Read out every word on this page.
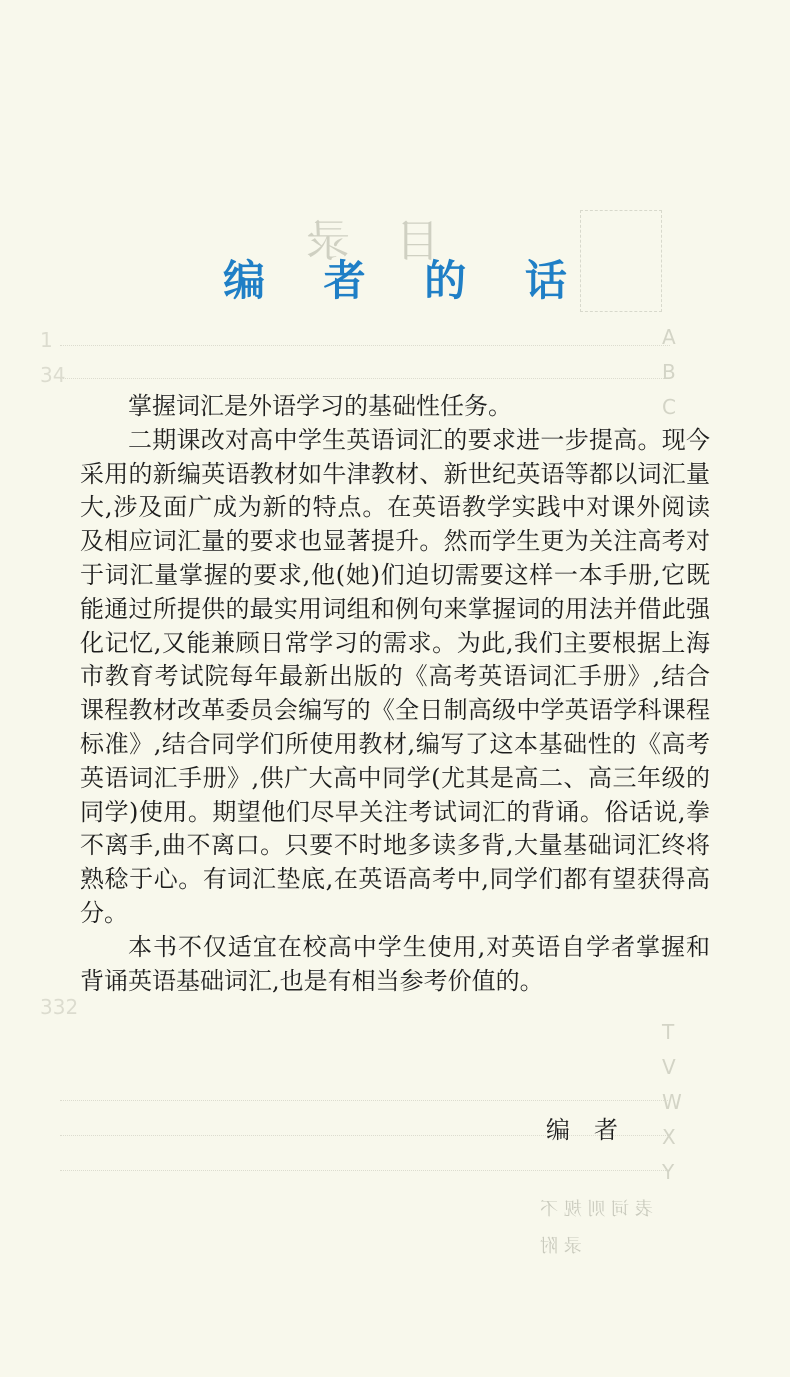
目 录
A
B
C
T
V
W
X
Y
1
34
332
表 词 则 规 不
录 附
编 者 的 话

掌握词汇是外语学习的基础性任务。

二期课改对高中学生英语词汇的要求进一步提高。现今采用的新编英语教材如牛津教材、新世纪英语等都以词汇量大,涉及面广成为新的特点。在英语教学实践中对课外阅读及相应词汇量的要求也显著提升。然而学生更为关注高考对于词汇量掌握的要求,他(她)们迫切需要这样一本手册,它既能通过所提供的最实用词组和例句来掌握词的用法并借此强化记忆,又能兼顾日常学习的需求。为此,我们主要根据上海市教育考试院每年最新出版的《高考英语词汇手册》,结合课程教材改革委员会编写的《全日制高级中学英语学科课程标准》,结合同学们所使用教材,编写了这本基础性的《高考英语词汇手册》,供广大高中同学(尤其是高二、高三年级的同学)使用。期望他们尽早关注考试词汇的背诵。俗话说,拳不离手,曲不离口。只要不时地多读多背,大量基础词汇终将熟稔于心。有词汇垫底,在英语高考中,同学们都有望获得高分。

本书不仅适宜在校高中学生使用,对英语自学者掌握和背诵英语基础词汇,也是有相当参考价值的。

编者
